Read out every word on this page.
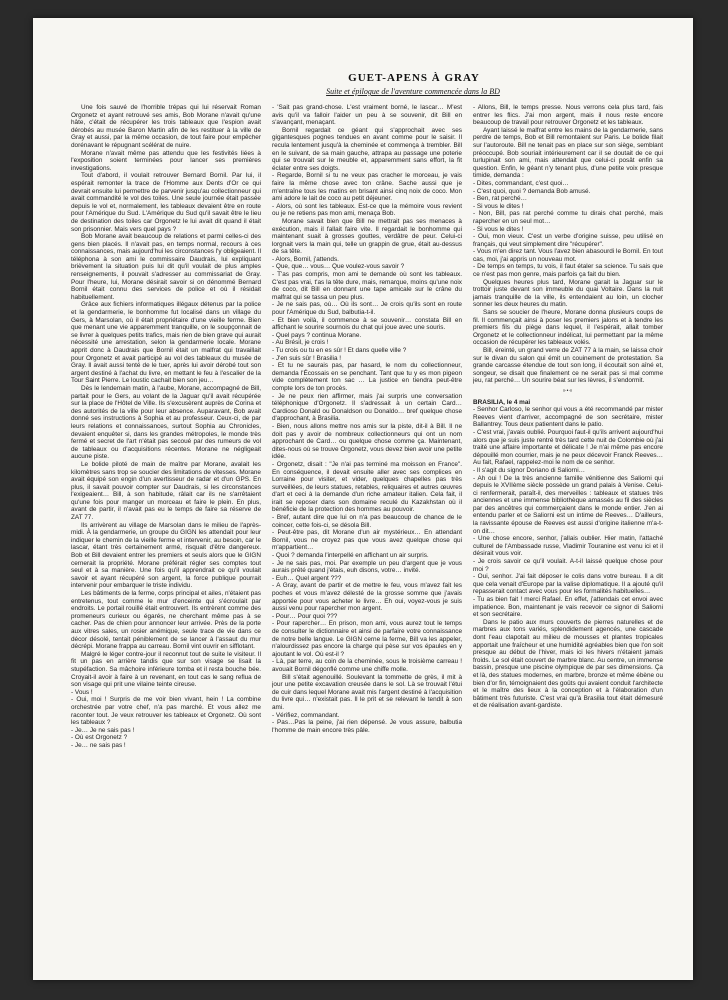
GUET-APENS À GRAY
Suite et épilogue de l'aventure commencée dans la BD

Une fois sauvé de l'horrible trépas qui lui réservait Roman Orgonetz et ayant retrouvé ses amis, Bob Morane n'avait qu'une hâte, c'était de récupérer les trois tableaux que l'espion avait dérobés au musée Baron Martin afin de les restituer à la ville de Gray et aussi, par la même occasion, de tout faire pour empêcher dorénavant le répugnant scélérat de nuire.

Morane n'avait même pas attendu que les festivités liées à l'exposition soient terminées pour lancer ses premières investigations.

Tout d'abord, il voulait retrouver Bernard Bornil. Par lui, il espérait remonter la trace de l'Homme aux Dents d'Or ce qui devrait ensuite lui permettre de parvenir jusqu'au collectionneur qui avait commandité le vol des toiles. Une seule journée était passée depuis le vol et, normalement, les tableaux devaient être en route pour l'Amérique du Sud. L'Amérique du Sud qu'il savait être le lieu de destination des toiles car Orgonetz le lui avait dit quand il était son prisonnier. Mais vers quel pays ?

Bob Morane avait beaucoup de relations et parmi celles-ci des gens bien placés. Il n'avait pas, en temps normal, recours à ces connaissances, mais aujourd'hui les circonstances l'y obligeaient. Il téléphona à son ami le commissaire Daudrais, lui expliquant brièvement la situation puis lui dit qu'il voulait de plus amples renseignements, il pouvait s'adresser au commissariat de Gray. Pour l'heure, lui, Morane désirait savoir si on dénommé Bernard Bornil était connu des services de police et où il résidait habituellement.

Grâce aux fichiers informatiques illégaux détenus par la police et la gendarmerie, le bonhomme fut localisé dans un village du Gers, à Marsolan, où il était propriétaire d'une vieille ferme. Bien que menant une vie apparemment tranquille, on le soupçonnait de se livrer à quelques petits trafics, mais rien de bien grave qui aurait nécessité une arrestation, selon la gendarmerie locale. Morane apprit donc à Daudrais que Bornil était un malfrat qui travaillait pour Orgonetz et avait participé au vol des tableaux du musée de Gray. Il avait aussi tenté de le tuer, après lui avoir dérobé tout son argent destiné à l'achat du livre, en mettant le feu à l'escalier de la Tour Saint Pierre. Le loustic cachait bien son jeu…

Dès le lendemain matin, à l'aube, Morane, accompagné de Bill, partait pour le Gers, au volant de la Jaguar qu'il avait récupérée sur la place de l'Hôtel de Ville. Ils s'excusèrent auprès de Corina et des autorités de la ville pour leur absence. Auparavant, Bob avait donné ses instructions à Sophia et au professeur. Ceux-ci, de par leurs relations et connaissances, surtout Sophia au Chronicles, devaient enquêter si, dans les grandes métropoles, le monde très fermé et secret de l'art n'était pas secoué par des rumeurs de vol de tableaux ou d'acquisitions récentes. Morane ne négligeait aucune piste.

Le bolide piloté de main de maître par Morane, avalait les kilomètres sans trop se soucier des limitations de vitesses. Morane avait équipé son engin d'un avertisseur de radar et d'un GPS. En plus, il savait pouvoir compter sur Daudrais, si les circonstances l'exigeaient… Bill, à son habitude, râlait car ils ne s'arrêtaient qu'une fois pour manger un morceau et faire le plein. En plus, avant de partir, il n'avait pas eu le temps de faire sa réserve de ZAT 77.

Ils arrivèrent au village de Marsolan dans le milieu de l'après-midi. À la gendarmerie, un groupe du GIGN les attendait pour leur indiquer le chemin de la vieille ferme et intervenir, au besoin, car le lascar, étant très certainement armé, risquait d'être dangereux. Bob et Bill devaient entrer les premiers et seuls alors que le GIGN cernerait la propriété. Morane préférait régler ses comptes tout seul et à sa manière. Une fois qu'il apprendrait ce qu'il voulait savoir et ayant récupéré son argent, la force publique pourrait intervenir pour embarquer le triste individu.

Les bâtiments de la ferme, corps principal et ailes, n'étaient pas entretenus, tout comme le mur d'enceinte qui s'écroulait par endroits. Le portail rouillé était entrouvert. Ils entrèrent comme des promeneurs curieux ou égarés, ne cherchant même pas à se cacher. Pas de chien pour annoncer leur arrivée. Près de la porte aux vitres sales, un rosier anémique, seule trace de vie dans ce décor désolé, tentait péniblement de se lancer à l'assaut du mur décrépi. Morane frappa au carreau. Bornil vint ouvrir en sifflotant.

Malgré le léger contre-jour il reconnut tout de suite le visiteur. Il fit un pas en arrière tandis que sur son visage se lisait la stupéfaction. Sa mâchoire inférieure tomba et il resta bouche bée. Croyait-il avoir à faire à un revenant, en tout cas le sang reflua de son visage qui prit une vilaine teinte cireuse.

- Vous !

- Oui, moi ! Surpris de me voir bien vivant, hein ! La combine orchestrée par votre chef, n'a pas marché. Et vous allez me raconter tout. Je veux retrouver les tableaux et Orgonetz. Où sont les tableaux ?

- Je… Je ne sais pas !

- Où est Orgonetz ?

- Je… ne sais pas !

- 'Sait pas grand-chose. L'est vraiment borné, le lascar… M'est avis qu'il va falloir l'aider un peu à se souvenir, dit Bill en s'avançant, menaçant.

Bornil regardait ce géant qui s'approchait avec ses gigantesques pognes tendues en avant comme pour le saisir. Il recula lentement jusqu'à la cheminée et commença à trembler. Bill en le suivant, de sa main gauche, attrapa au passage une poterie qui se trouvait sur le meuble et, apparemment sans effort, la fit éclater entre ses doigts.

- Regarde, Bornil si tu ne veux pas cracher le morceau, je vais faire la même chose avec ton crâne. Sache aussi que je m'entraîne tous les matins en brisant ainsi cinq noix de coco. Mon ami adore le lait de coco au petit déjeuner.

- Alors, où sont les tableaux. Est-ce que la mémoire vous revient ou je ne retiens pas mon ami, menaça Bob.

Morane savait bien que Bill ne mettrait pas ses menaces à exécution, mais il fallait faire vite. Il regardait le bonhomme qui maintenant suait à grosses gouttes, verdâtre de peur. Celui-ci lorgnait vers la main qui, telle un grappin de grue, était au-dessus de sa tête.

- Alors, Bornil, j'attends.

- Que, que… vous… Que voulez-vous savoir ?

- T'as pas compris, mon ami te demande où sont les tableaux. C'est pas vrai, t'as la tête dure, mais, remarque, moins qu'une noix de coco, dit Bill en donnant une tape amicale sur le crâne du malfrat qui se tassa un peu plus.

- Je ne sais pas, où… Où ils sont… Je crois qu'ils sont en route pour l'Amérique du Sud, balbutia-t-il.

- Et bien voilà, il commence à se souvenir… constata Bill en affichant le sourire sournois du chat qui joue avec une souris.

- Quel pays ? continua Morane.

- Au Brésil, je crois !

- Tu crois ou tu en es sûr ! Et dans quelle ville ?

- J'en suis sûr ! Brasilia !

- Et tu ne saurais pas, par hasard, le nom du collectionneur, demanda l'Écossais en se penchant. Tant que tu y es mon pigeon vide complètement ton sac … La justice en tiendra peut-être compte lors de ton procès.

- Je ne peux rien affirmer, mais j'ai surpris une conversation téléphonique d'Orgonetz. Il s'adressait à un certain Card… Cardioso Donald ou Donaldson ou Donaldo… bref quelque chose d'approchant, à Brasilia.

- Bien, nous allons mettre nos amis sur la piste, dit-il à Bill. Il ne doit pas y avoir de nombreux collectionneurs qui ont un nom approchant de Card… ou quelque chose comme ça. Maintenant, dites-nous où se trouve Orgonetz, vous devez bien avoir une petite idée.

- Orgonetz, disait : "Je n'ai pas terminé ma moisson en France". En conséquence, il devait ensuite aller avec ses complices en Lorraine pour visiter, et vider, quelques chapelles pas très surveillées, de leurs statues, retables, reliquaires et autres œuvres d'art et ceci à la demande d'un riche amateur italien. Cela fait, il irait se reposer dans son domaine reculé du Kazakhstan où il bénéficie de la protection des hommes au pouvoir.

- Bref, autant dire que lui on n'a pas beaucoup de chance de le coincer, cette fois-ci, se désola Bill.

- Peut-être pas, dit Morane d'un air mystérieux… En attendant Bornil, vous ne croyez pas que vous avez quelque chose qui m'appartient…

- Quoi ? demanda l'interpellé en affichant un air surpris.

- Je ne sais pas, moi. Par exemple un peu d'argent que je vous aurais prêté quand j'étais, euh disons, votre… invité.

- Euh… Quel argent ???

- A Gray, avant de partir et de mettre le feu, vous m'avez fait les poches et vous m'avez délesté de la grosse somme que j'avais apportée pour vous acheter le livre… Eh oui, voyez-vous je suis aussi venu pour rapercher mon argent.

- Pour… Pour quoi ???

- Pour rapercher… En prison, mon ami, vous aurez tout le temps de consulter le dictionnaire et ainsi de parfaire votre connaissance de notre belle langue. Le GIGN cerne la ferme, Bill va les appeler, n'alourdissez pas encore la charge qui pèse sur vos épaules en y ajoutant le vol. Où est-il ?

- Là, par terre, au coin de la cheminée, sous le troisième carreau ! avouait Bornil dégonflé comme une chiffe molle.

Bill s'était agenouillé. Soulevant la tommette de grès, il mit à jour une petite excavation creusée dans le sol. Là se trouvait l'étui de cuir dans lequel Morane avait mis l'argent destiné à l'acquisition du livre qui… n'existait pas. Il le prit et se relevant le tendit à son ami.

- Vérifiez, commandant.

- Pas…Pas la peine, j'ai rien dépensé. Je vous assure, balbutia l'homme de main encore très pâle.

- Allons, Bill, le temps presse. Nous verrons cela plus tard, fais entrer les flics. J'ai mon argent, mais il nous reste encore beaucoup de travail pour retrouver Orgonetz et les tableaux.

Ayant laissé le malfrat entre les mains de la gendarmerie, sans perdre de temps, Bob et Bill remontaient sur Paris. Le bolide filait sur l'autoroute. Bill ne tenait pas en place sur son siège, semblant préoccupé. Bob souriait intérieurement car il se doutait de ce qui turlupinait son ami, mais attendait que celui-ci posât enfin sa question. Enfin, le géant n'y tenant plus, d'une petite voix presque timide, demanda :

- Dites, commandant, c'est quoi…

- C'est quoi, quoi ? demanda Bob amusé.

- Ben, rat perché…

- Si vous le dites !

- Non, Bill, pas rat perché comme tu dirais chat perché, mais rapercher en un seul mot…

- Si vous le dites !

- Oui, mon vieux. C'est un verbe d'origine suisse, peu utilisé en français, qui veut simplement dire "récupérer".

- Vous m'en direz tant. Vous l'avez bien abasourdi le Bornil. En tout cas, moi, j'ai appris un nouveau mot.

- De temps en temps, tu vois, il faut étaler sa science. Tu sais que ce n'est pas mon genre, mais parfois ça fait du bien.

Quelques heures plus tard, Morane garait la Jaguar sur le trottoir juste devant son immeuble du quai Voltaire. Dans la nuit jamais tranquille de la ville, ils entendaient au loin, un clocher sonner les deux heures du matin.

Sans se soucier de l'heure, Morane donna plusieurs coups de fil. Il commençait ainsi à poser les premiers jalons et à tendre les premiers fils du piège dans lequel, il l'espérait, allait tomber Orgonetz et le collectionneur indélicat, lui permettant par la même occasion de récupérer les tableaux volés.

Bill, éreinté, un grand verre de ZAT 77 à la main, se laissa choir sur le divan du salon qui émit un couinement de protestation. Sa grande carcasse étendue de tout son long, il écoutait son aîné et, songeur, se disait que finalement ce ne serait pas si mal comme jeu, rat perché… Un sourire béat sur les lèvres, il s'endormit.

»•«

BRASILIA, le 4 mai

- Senhor Carloso, le senhor qui vous a été recommandé par mister Reeves vient d'arriver, accompagné de son secrétaire, mister Ballantrey. Tous deux patientent dans le patio.

- C'est vrai, j'avais oublié. Pourquoi faut-il qu'ils arrivent aujourd'hui alors que je suis juste rentré très tard cette nuit de Colombie où j'ai traité une affaire importante et délicate ! Je n'ai même pas encore dépouillé mon courrier, mais je ne peux décevoir Franck Reeves… Au fait, Rafael, rappelez-moi le nom de ce senhor.

- Il s'agit du signor Doriano di Saliorni…

- Ah oui ! De la très ancienne famille vénitienne des Saliorni qui depuis le XVIIème siècle possède un grand palais à Venise. Celui-ci renfermerait, paraît-il, des merveilles : tableaux et statues très anciennes et une immense bibliothèque amassés au fil des siècles par des ancêtres qui commerçaient dans le monde entier. J'en ai entendu parler et ce Saliorni est un intime de Reeves… D'ailleurs, la ravissante épouse de Reeves est aussi d'origine italienne m'a-t-on dit…

- Une chose encore, senhor, j'allais oublier. Hier matin, l'attaché culturel de l'Ambassade russe, Vladimir Touranine est venu ici et il désirait vous voir.

- Je crois savoir ce qu'il voulait. A-t-il laissé quelque chose pour moi ?

- Oui, senhor. J'ai fait déposer le colis dans votre bureau. Il a dit que cela venait d'Europe par la valise diplomatique. Il a ajouté qu'il repasserait contact avec vous pour les formalités habituelles…

- Tu as bien fait ! merci Rafael. En effet, j'attendais cet envoi avec impatience. Bon, maintenant je vais recevoir ce signor di Saliorni et son secrétaire.

Dans le patio aux murs couverts de pierres naturelles et de marbres aux tons variés, splendidement agencés, une cascade dont l'eau clapotait au milieu de mousses et plantes tropicales apportait une fraîcheur et une humidité agréables bien que l'on soit presque au début de l'hiver, mais ici les hivers n'étaient jamais froids. Le sol était couvert de marbre blanc. Au centre, un immense bassin, presque une piscine olympique de par ses dimensions. Ça et là, des statues modernes, en marbre, bronze et même ébène ou bien d'or fin, témoignaient des goûts qui avaient conduit l'architecte et le maître des lieux à la conception et à l'élaboration d'un bâtiment très futuriste. C'est vrai qu'à Brasilia tout était démesuré et de réalisation avant-gardiste.
